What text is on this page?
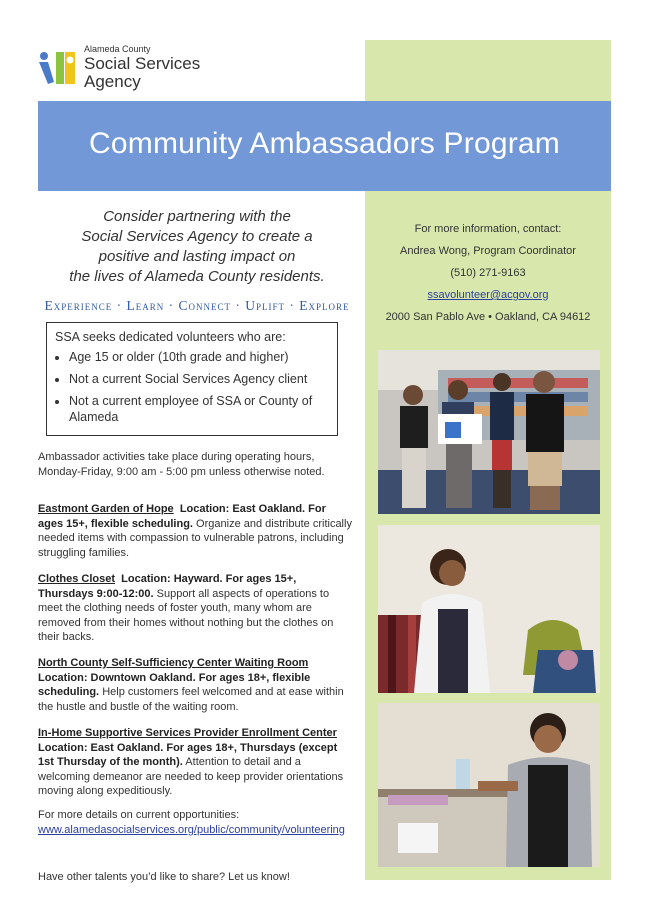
Alameda County
Social Services
Agency
Community Ambassadors Program
Consider partnering with the
Social Services Agency to create a
positive and lasting impact on
the lives of Alameda County residents.
Experience · Learn · Connect · Uplift · Explore
SSA seeks dedicated volunteers who are:
• Age 15 or older (10th grade and higher)
• Not a current Social Services Agency client
• Not a current employee of SSA or County of Alameda
For more information, contact:
Andrea Wong, Program Coordinator
(510) 271-9163
ssavolunteer@acgov.org
2000 San Pablo Ave • Oakland, CA 94612
Ambassador activities take place during operating hours, Monday-Friday, 9:00 am - 5:00 pm unless otherwise noted.
Eastmont Garden of Hope Location: East Oakland. For ages 15+, flexible scheduling. Organize and distribute critically needed items with compassion to vulnerable patrons, including struggling families.
Clothes Closet Location: Hayward. For ages 15+, Thursdays 9:00-12:00. Support all aspects of operations to meet the clothing needs of foster youth, many whom are removed from their homes without nothing but the clothes on their backs.
North County Self-Sufficiency Center Waiting Room
Location: Downtown Oakland. For ages 18+, flexible scheduling. Help customers feel welcomed and at ease within the hustle and bustle of the waiting room.
In-Home Supportive Services Provider Enrollment Center
Location: East Oakland. For ages 18+, Thursdays (except 1st Thursday of the month). Attention to detail and a welcoming demeanor are needed to keep provider orientations moving along expeditiously.
For more details on current opportunities:
www.alamedasocialservices.org/public/community/volunteering
Have other talents you’d like to share? Let us know!
